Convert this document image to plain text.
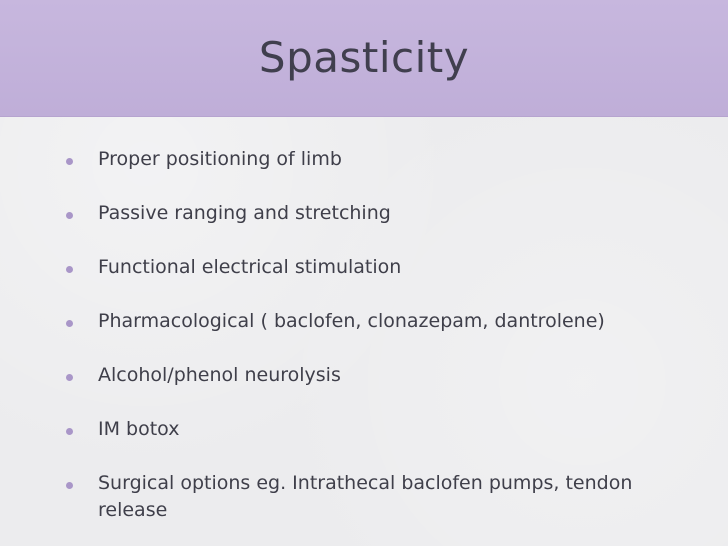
Spasticity
Proper positioning of limb
Passive ranging and stretching
Functional electrical stimulation
Pharmacological ( baclofen, clonazepam, dantrolene)
Alcohol/phenol neurolysis
IM botox
Surgical options eg. Intrathecal baclofen pumps, tendon release
